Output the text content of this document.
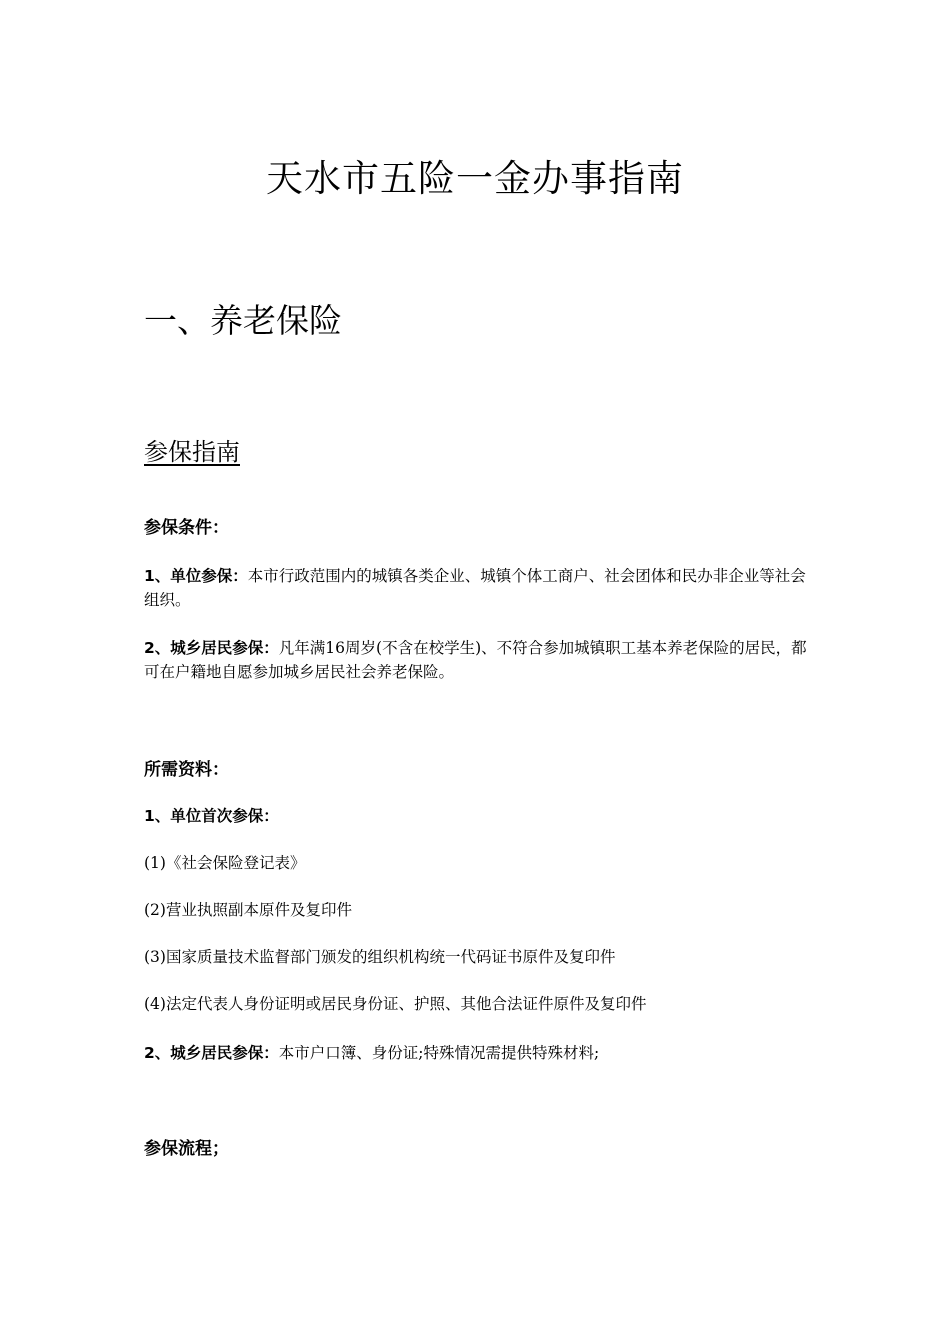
天水市五险一金办事指南
一、养老保险
参保指南
参保条件：
1、单位参保：本市行政范围内的城镇各类企业、城镇个体工商户、社会团体和民办非企业等社会组织。
2、城乡居民参保：凡年满16周岁(不含在校学生)、不符合参加城镇职工基本养老保险的居民，都可在户籍地自愿参加城乡居民社会养老保险。
所需资料：
1、单位首次参保：
(1)《社会保险登记表》
(2)营业执照副本原件及复印件
(3)国家质量技术监督部门颁发的组织机构统一代码证书原件及复印件
(4)法定代表人身份证明或居民身份证、护照、其他合法证件原件及复印件
2、城乡居民参保：本市户口簿、身份证;特殊情况需提供特殊材料;
参保流程；
